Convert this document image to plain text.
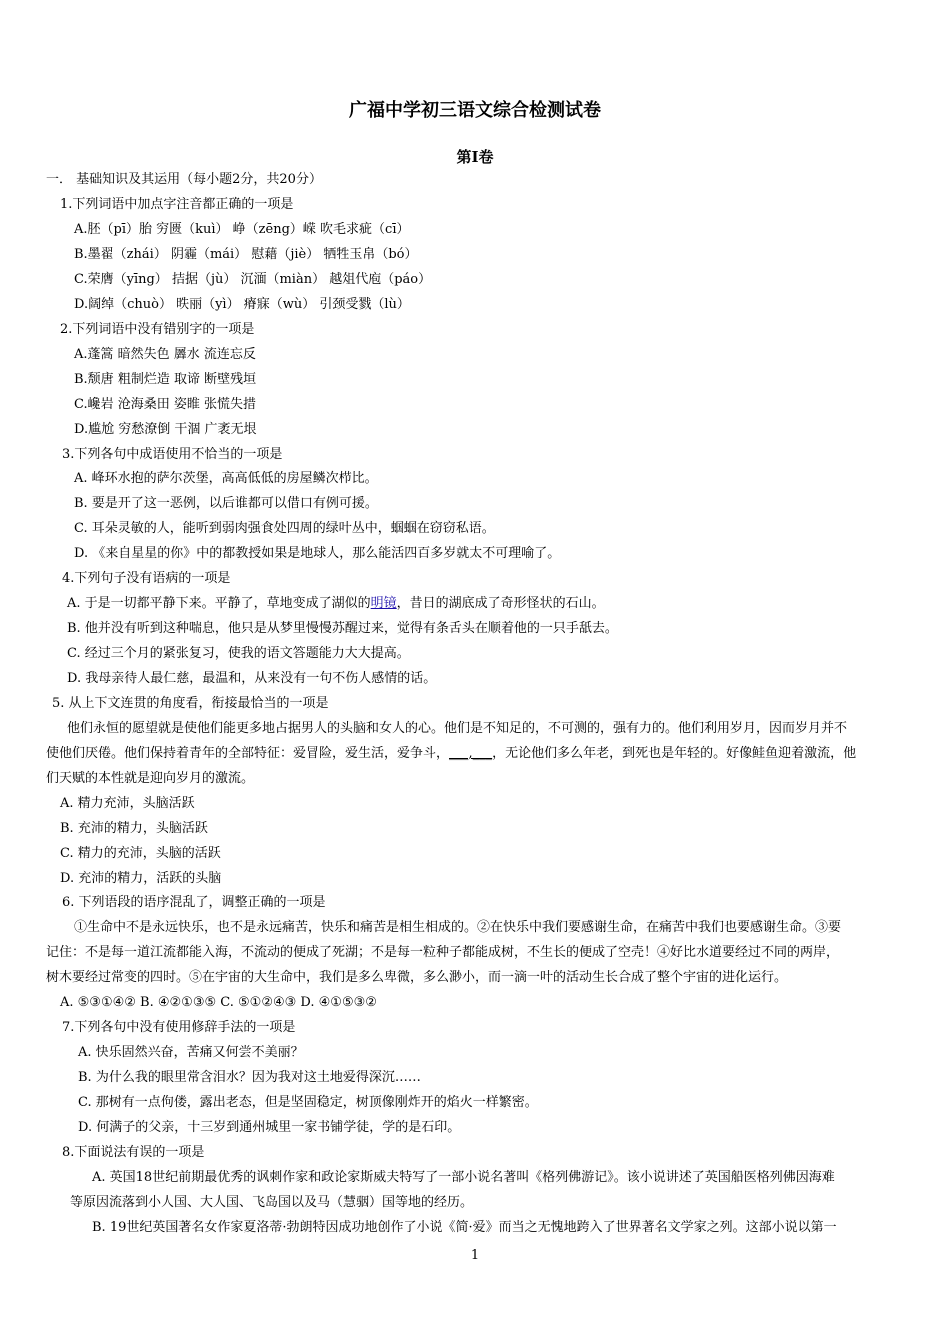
广福中学初三语文综合检测试卷
第I卷
一． 基础知识及其运用（每小题2分，共20分）
1.下列词语中加点字注音都正确的一项是
A.胚（pī）胎 穷匮（kuì） 峥（zēng）嵘 吹毛求疵（cī）
B.墨翟（zhái） 阴霾（mái） 慰藉（jiè） 牺牲玉帛（bó）
C.荣膺（yīng） 拮据（jù） 沉湎（miàn） 越俎代庖（páo）
D.阔绰（chuò） 昳丽（yì） 瘠寐（wù） 引颈受戮（lù）
2.下列词语中没有错别字的一项是
A.蓬篙 暗然失色 羼水 流连忘反
B.颓唐 粗制烂造 取谛 断壁残垣
C.巉岩 沧海桑田 姿睢 张慌失措
D.尴尬 穷愁潦倒 干涸 广袤无垠
3.下列各句中成语使用不恰当的一项是
A. 峰环水抱的萨尔茨堡，高高低低的房屋鳞次栉比。
B. 要是开了这一恶例，以后谁都可以借口有例可援。
C. 耳朵灵敏的人，能听到弱肉强食处四周的绿叶丛中，蝈蝈在窃窃私语。
D. 《来自星星的你》中的都教授如果是地球人，那么能活四百多岁就太不可理喻了。
4.下列句子没有语病的一项是
A. 于是一切都平静下来。平静了，草地变成了湖似的明镜，昔日的湖底成了奇形怪状的石山。
B. 他并没有听到这种喘息，他只是从梦里慢慢苏醒过来，觉得有条舌头在顺着他的一只手舐去。
C. 经过三个月的紧张复习，使我的语文答题能力大大提高。
D. 我母亲待人最仁慈，最温和，从来没有一句不伤人感情的话。
5. 从上下文连贯的角度看，衔接最恰当的一项是
他们永恒的愿望就是使他们能更多地占据男人的头脑和女人的心。他们是不知足的，不可测的，强有力的。他们利用岁月，因而岁月并不
使他们厌倦。他们保持着青年的全部特征：爱冒险，爱生活，爱争斗，___,___，无论他们多么年老，到死也是年轻的。好像鲑鱼迎着激流，他
们天赋的本性就是迎向岁月的激流。
A. 精力充沛，头脑活跃
B. 充沛的精力，头脑活跃
C. 精力的充沛，头脑的活跃
D. 充沛的精力，活跃的头脑
6. 下列语段的语序混乱了，调整正确的一项是
①生命中不是永远快乐，也不是永远痛苦，快乐和痛苦是相生相成的。②在快乐中我们要感谢生命，在痛苦中我们也要感谢生命。③要
记住：不是每一道江流都能入海，不流动的便成了死湖；不是每一粒种子都能成树，不生长的便成了空壳！④好比水道要经过不同的两岸，
树木要经过常变的四时。⑤在宇宙的大生命中，我们是多么卑微，多么渺小，而一滴一叶的活动生长合成了整个宇宙的进化运行。
A. ⑤③①④② B. ④②①③⑤ C. ⑤①②④③ D. ④①⑤③②
7.下列各句中没有使用修辞手法的一项是
A. 快乐固然兴奋，苦痛又何尝不美丽？
B. 为什么我的眼里常含泪水？因为我对这土地爱得深沉……
C. 那树有一点佝偻，露出老态，但是坚固稳定，树顶像刚炸开的焰火一样繁密。
D. 何满子的父亲，十三岁到通州城里一家书铺学徒，学的是石印。
8.下面说法有误的一项是
A. 英国18世纪前期最优秀的讽刺作家和政论家斯威夫特写了一部小说名著叫《格列佛游记》。该小说讲述了英国船医格列佛因海难
等原因流落到小人国、大人国、飞岛国以及马（慧骃）国等地的经历。
B. 19世纪英国著名女作家夏洛蒂·勃朗特因成功地创作了小说《简·爱》而当之无愧地跨入了世界著名文学家之列。这部小说以第一
1
